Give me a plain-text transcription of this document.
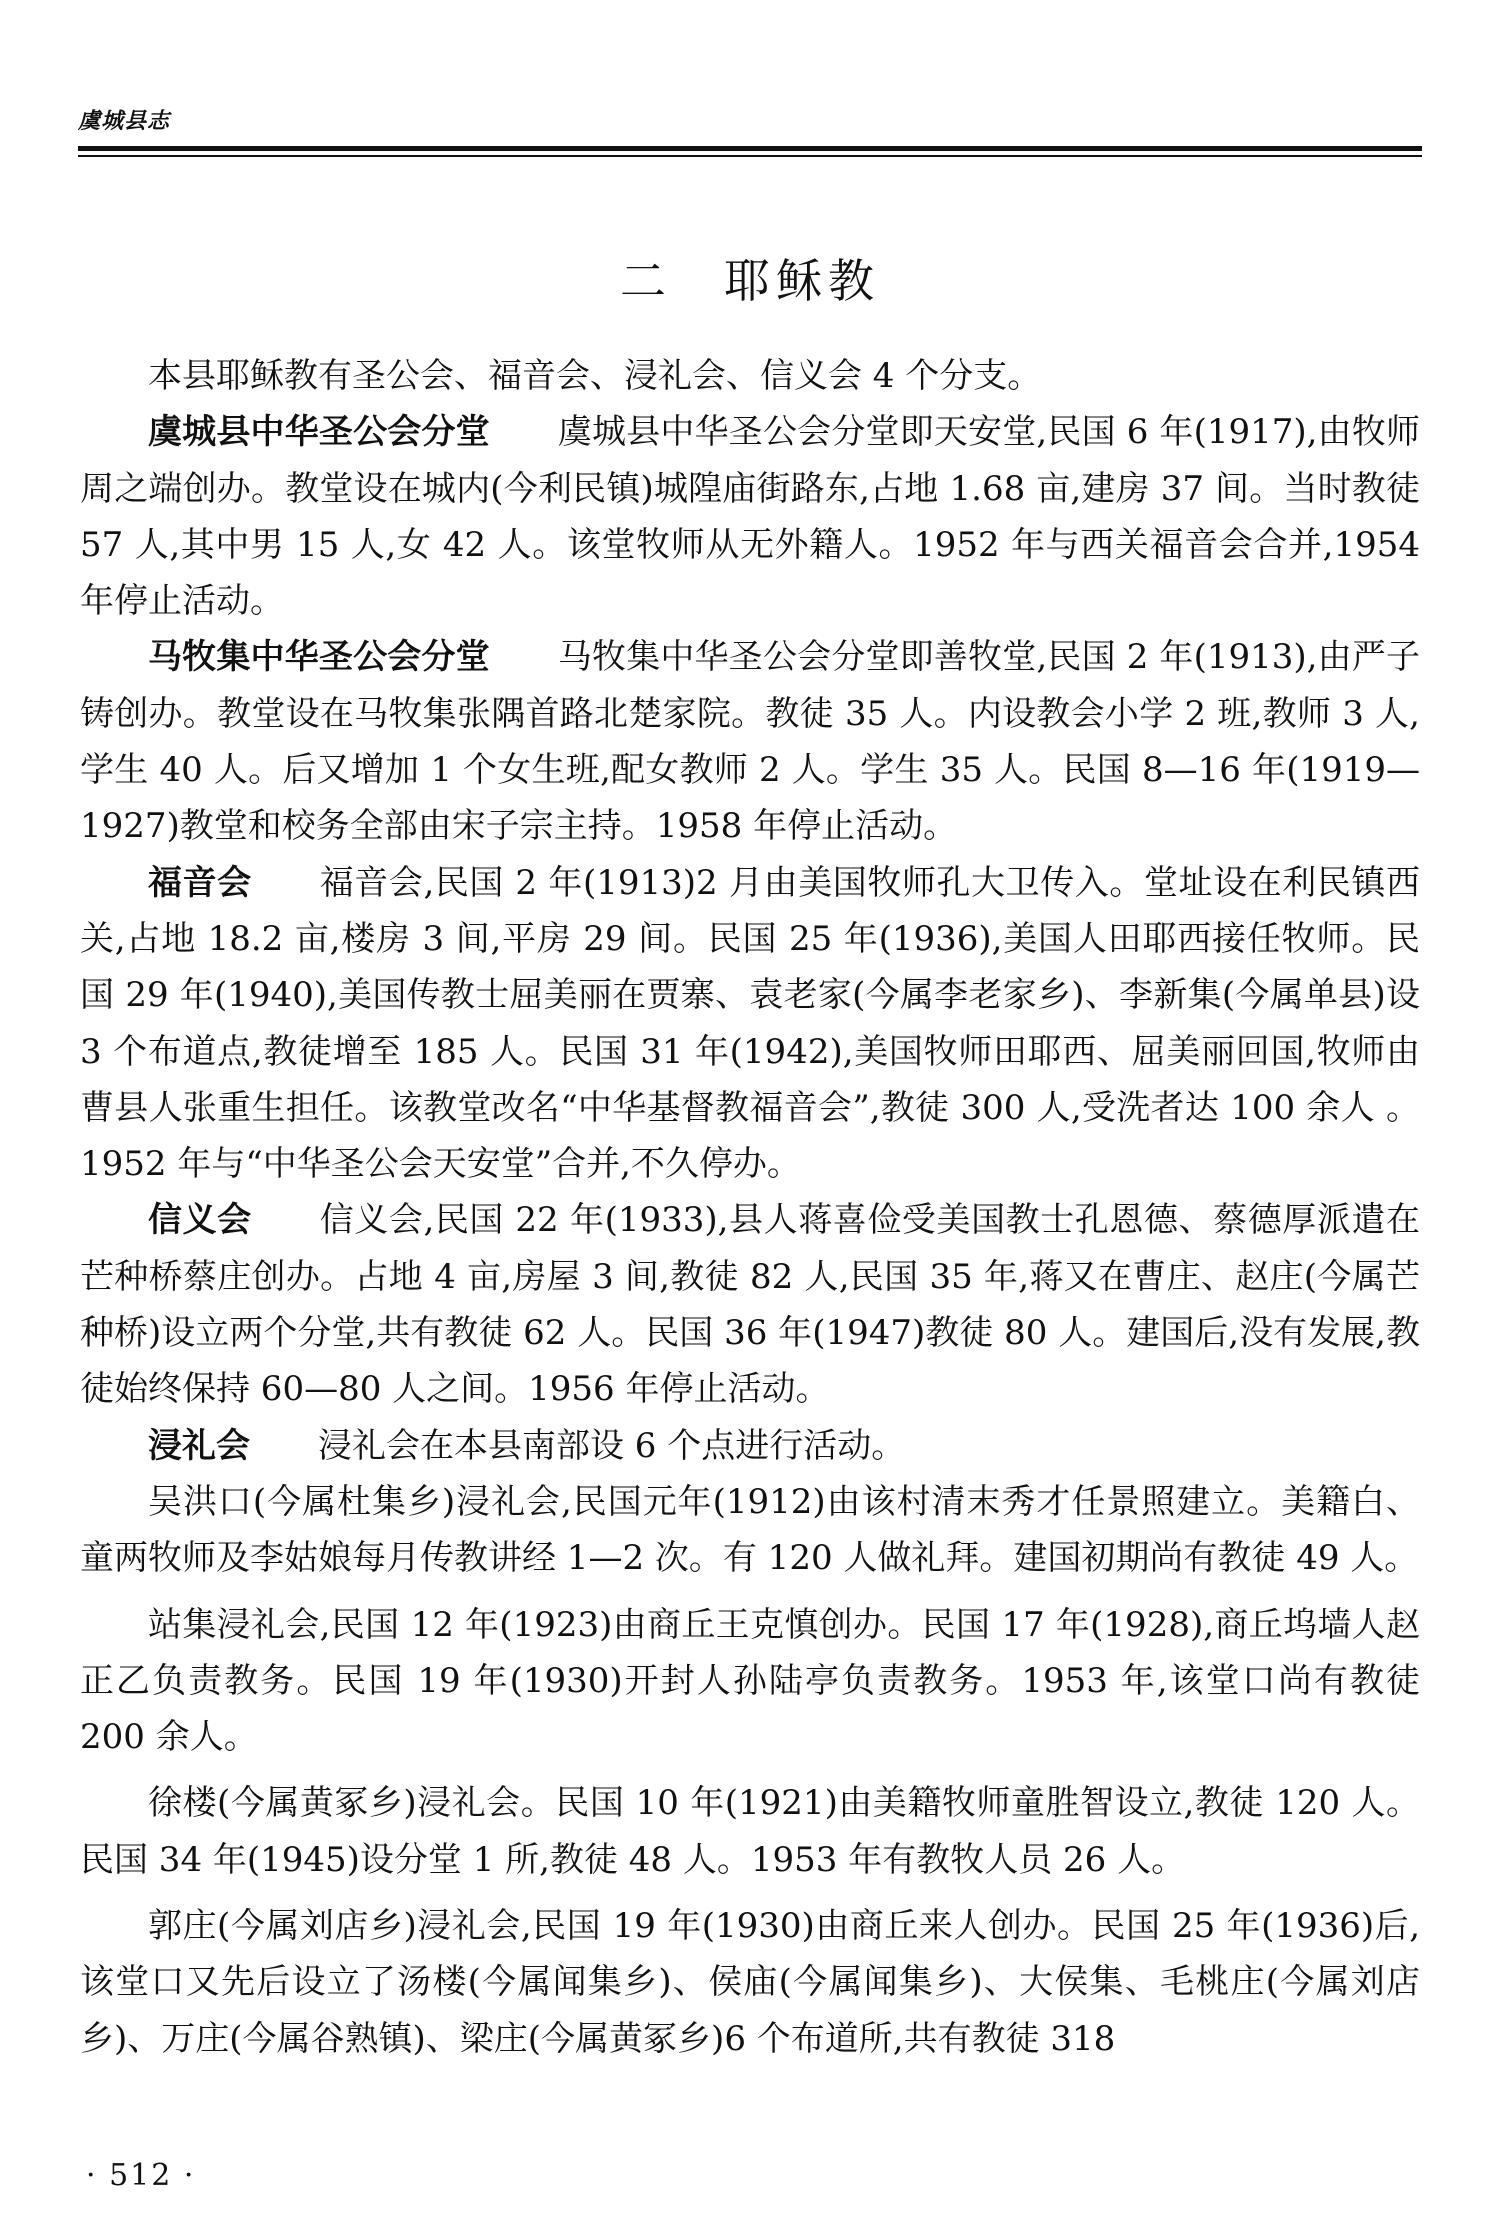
虞城县志
二　耶稣教

本县耶稣教有圣公会、福音会、浸礼会、信义会 4 个分支。

虞城县中华圣公会分堂 虞城县中华圣公会分堂即天安堂,民国 6 年(1917),由牧师周之端创办。教堂设在城内(今利民镇)城隍庙街路东,占地 1.68 亩,建房 37 间。当时教徒 57 人,其中男 15 人,女 42 人。该堂牧师从无外籍人。1952 年与西关福音会合并,1954 年停止活动。

马牧集中华圣公会分堂 马牧集中华圣公会分堂即善牧堂,民国 2 年(1913),由严子铸创办。教堂设在马牧集张隅首路北楚家院。教徒 35 人。内设教会小学 2 班,教师 3 人,学生 40 人。后又增加 1 个女生班,配女教师 2 人。学生 35 人。民国 8—16 年(1919—1927)教堂和校务全部由宋子宗主持。1958 年停止活动。

福音会 福音会,民国 2 年(1913)2 月由美国牧师孔大卫传入。堂址设在利民镇西关,占地 18.2 亩,楼房 3 间,平房 29 间。民国 25 年(1936),美国人田耶西接任牧师。民国 29 年(1940),美国传教士屈美丽在贾寨、袁老家(今属李老家乡)、李新集(今属单县)设 3 个布道点,教徒增至 185 人。民国 31 年(1942),美国牧师田耶西、屈美丽回国,牧师由曹县人张重生担任。该教堂改名“中华基督教福音会”,教徒 300 人,受洗者达 100 余人 。1952 年与“中华圣公会天安堂”合并,不久停办。

信义会 信义会,民国 22 年(1933),县人蒋喜俭受美国教士孔恩德、蔡德厚派遣在芒种桥蔡庄创办。占地 4 亩,房屋 3 间,教徒 82 人,民国 35 年,蒋又在曹庄、赵庄(今属芒种桥)设立两个分堂,共有教徒 62 人。民国 36 年(1947)教徒 80 人。建国后,没有发展,教徒始终保持 60—80 人之间。1956 年停止活动。

浸礼会 浸礼会在本县南部设 6 个点进行活动。

吴洪口(今属杜集乡)浸礼会,民国元年(1912)由该村清末秀才任景照建立。美籍白、童两牧师及李姑娘每月传教讲经 1—2 次。有 120 人做礼拜。建国初期尚有教徒 49 人。

站集浸礼会,民国 12 年(1923)由商丘王克慎创办。民国 17 年(1928),商丘坞墙人赵正乙负责教务。民国 19 年(1930)开封人孙陆亭负责教务。1953 年,该堂口尚有教徒 200 余人。

徐楼(今属黄冢乡)浸礼会。民国 10 年(1921)由美籍牧师童胜智设立,教徒 120 人。民国 34 年(1945)设分堂 1 所,教徒 48 人。1953 年有教牧人员 26 人。

郭庄(今属刘店乡)浸礼会,民国 19 年(1930)由商丘来人创办。民国 25 年(1936)后,该堂口又先后设立了汤楼(今属闻集乡)、侯庙(今属闻集乡)、大侯集、毛桃庄(今属刘店乡)、万庄(今属谷熟镇)、梁庄(今属黄冢乡)6 个布道所,共有教徒 318

· 512 ·
